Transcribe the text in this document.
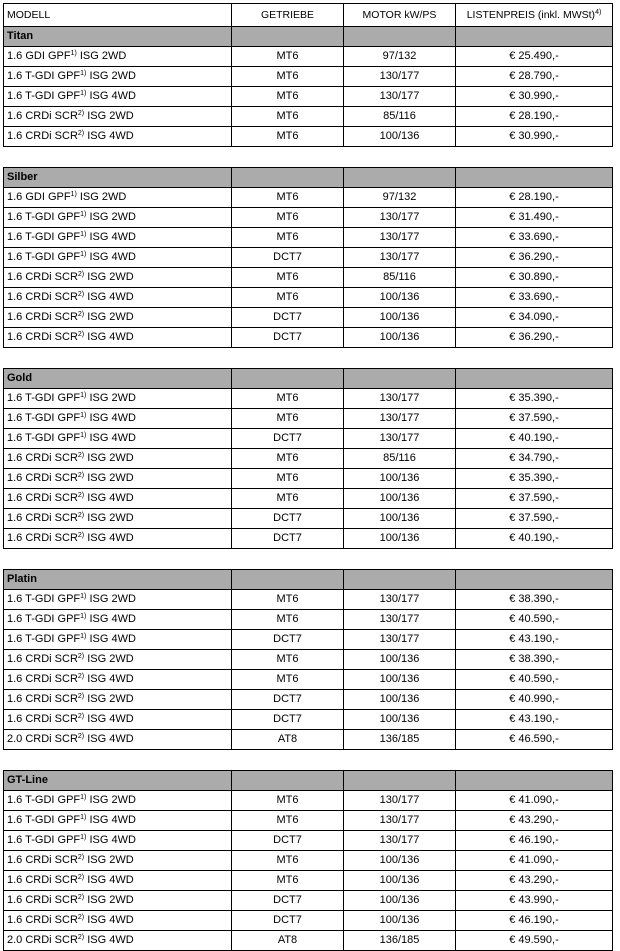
MODELL	GETRIEBE	MOTOR kW/PS	LISTENPREIS (inkl. MWSt)$^{4)}$
Titan			
1.6 GDI GPF$^{1)}$ ISG 2WD	MT6	97/132	€ 25.490,-
1.6 T-GDI GPF$^{1)}$ ISG 2WD	MT6	130/177	€ 28.790,-
1.6 T-GDI GPF$^{1)}$ ISG 4WD	MT6	130/177	€ 30.990,-
1.6 CRDi SCR$^{2)}$ ISG 2WD	MT6	85/116	€ 28.190,-
1.6 CRDi SCR$^{2)}$ ISG 4WD	MT6	100/136	€ 30.990,-

Silber			
1.6 GDI GPF$^{1)}$ ISG 2WD	MT6	97/132	€ 28.190,-
1.6 T-GDI GPF$^{1)}$ ISG 2WD	MT6	130/177	€ 31.490,-
1.6 T-GDI GPF$^{1)}$ ISG 4WD	MT6	130/177	€ 33.690,-
1.6 T-GDI GPF$^{1)}$ ISG 4WD	DCT7	130/177	€ 36.290,-
1.6 CRDi SCR$^{2)}$ ISG 2WD	MT6	85/116	€ 30.890,-
1.6 CRDi SCR$^{2)}$ ISG 4WD	MT6	100/136	€ 33.690,-
1.6 CRDi SCR$^{2)}$ ISG 2WD	DCT7	100/136	€ 34.090,-
1.6 CRDi SCR$^{2)}$ ISG 4WD	DCT7	100/136	€ 36.290,-

Gold			
1.6 T-GDI GPF$^{1)}$ ISG 2WD	MT6	130/177	€ 35.390,-
1.6 T-GDI GPF$^{1)}$ ISG 4WD	MT6	130/177	€ 37.590,-
1.6 T-GDI GPF$^{1)}$ ISG 4WD	DCT7	130/177	€ 40.190,-
1.6 CRDi SCR$^{2)}$ ISG 2WD	MT6	85/116	€ 34.790,-
1.6 CRDi SCR$^{2)}$ ISG 2WD	MT6	100/136	€ 35.390,-
1.6 CRDi SCR$^{2)}$ ISG 4WD	MT6	100/136	€ 37.590,-
1.6 CRDi SCR$^{2)}$ ISG 2WD	DCT7	100/136	€ 37.590,-
1.6 CRDi SCR$^{2)}$ ISG 4WD	DCT7	100/136	€ 40.190,-

Platin			
1.6 T-GDI GPF$^{1)}$ ISG 2WD	MT6	130/177	€ 38.390,-
1.6 T-GDI GPF$^{1)}$ ISG 4WD	MT6	130/177	€ 40.590,-
1.6 T-GDI GPF$^{1)}$ ISG 4WD	DCT7	130/177	€ 43.190,-
1.6 CRDi SCR$^{2)}$ ISG 2WD	MT6	100/136	€ 38.390,-
1.6 CRDi SCR$^{2)}$ ISG 4WD	MT6	100/136	€ 40.590,-
1.6 CRDi SCR$^{2)}$ ISG 2WD	DCT7	100/136	€ 40.990,-
1.6 CRDi SCR$^{2)}$ ISG 4WD	DCT7	100/136	€ 43.190,-
2.0 CRDi SCR$^{2)}$ ISG 4WD	AT8	136/185	€ 46.590,-

GT-Line			
1.6 T-GDI GPF$^{1)}$ ISG 2WD	MT6	130/177	€ 41.090,-
1.6 T-GDI GPF$^{1)}$ ISG 4WD	MT6	130/177	€ 43.290,-
1.6 T-GDI GPF$^{1)}$ ISG 4WD	DCT7	130/177	€ 46.190,-
1.6 CRDi SCR$^{2)}$ ISG 2WD	MT6	100/136	€ 41.090,-
1.6 CRDi SCR$^{2)}$ ISG 4WD	MT6	100/136	€ 43.290,-
1.6 CRDi SCR$^{2)}$ ISG 2WD	DCT7	100/136	€ 43.990,-
1.6 CRDi SCR$^{2)}$ ISG 4WD	DCT7	100/136	€ 46.190,-
2.0 CRDi SCR$^{2)}$ ISG 4WD	AT8	136/185	€ 49.590,-
